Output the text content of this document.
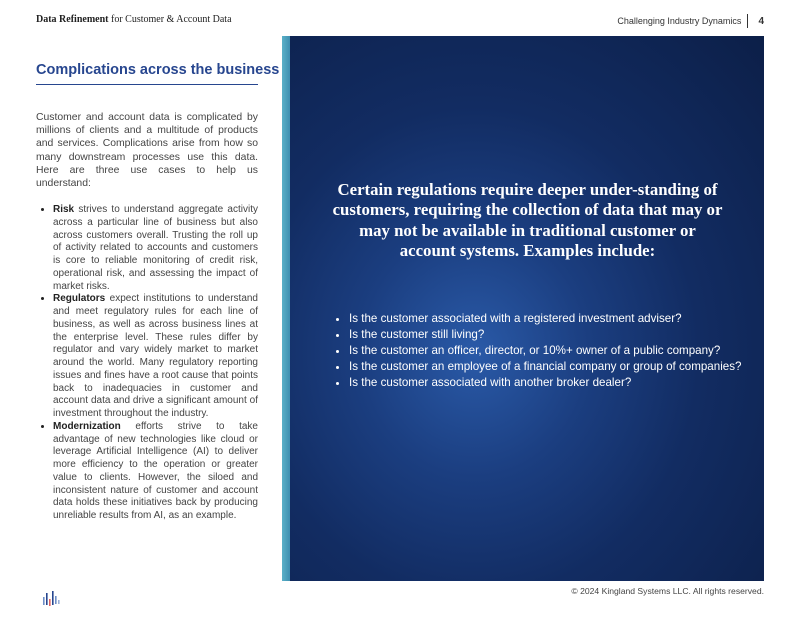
Data Refinement for Customer & Account Data	Challenging Industry Dynamics 4
Complications across the business
Customer and account data is complicated by millions of clients and a multitude of products and services. Complications arise from how so many downstream processes use this data. Here are three use cases to help us understand:
• Risk strives to understand aggregate activity across a particular line of business but also across customers overall. Trusting the roll up of activity related to accounts and customers is core to reliable monitoring of credit risk, operational risk, and assessing the impact of market risks.
• Regulators expect institutions to understand and meet regulatory rules for each line of business, as well as across business lines at the enterprise level. These rules differ by regulator and vary widely market to market around the world. Many regulatory reporting issues and fines have a root cause that points back to inadequacies in customer and account data and drive a significant amount of investment throughout the industry.
• Modernization efforts strive to take advantage of new technologies like cloud or leverage Artificial Intelligence (AI) to deliver more efficiency to the operation or greater value to clients. However, the siloed and inconsistent nature of customer and account data holds these initiatives back by producing unreliable results from AI, as an example.
Certain regulations require deeper under-standing of customers, requiring the collection of data that may or may not be available in traditional customer or account systems. Examples include:
• Is the customer associated with a registered investment adviser?
• Is the customer still living?
• Is the customer an officer, director, or 10%+ owner of a public company?
• Is the customer an employee of a financial company or group of companies?
• Is the customer associated with another broker dealer?
© 2024 Kingland Systems LLC. All rights reserved.
